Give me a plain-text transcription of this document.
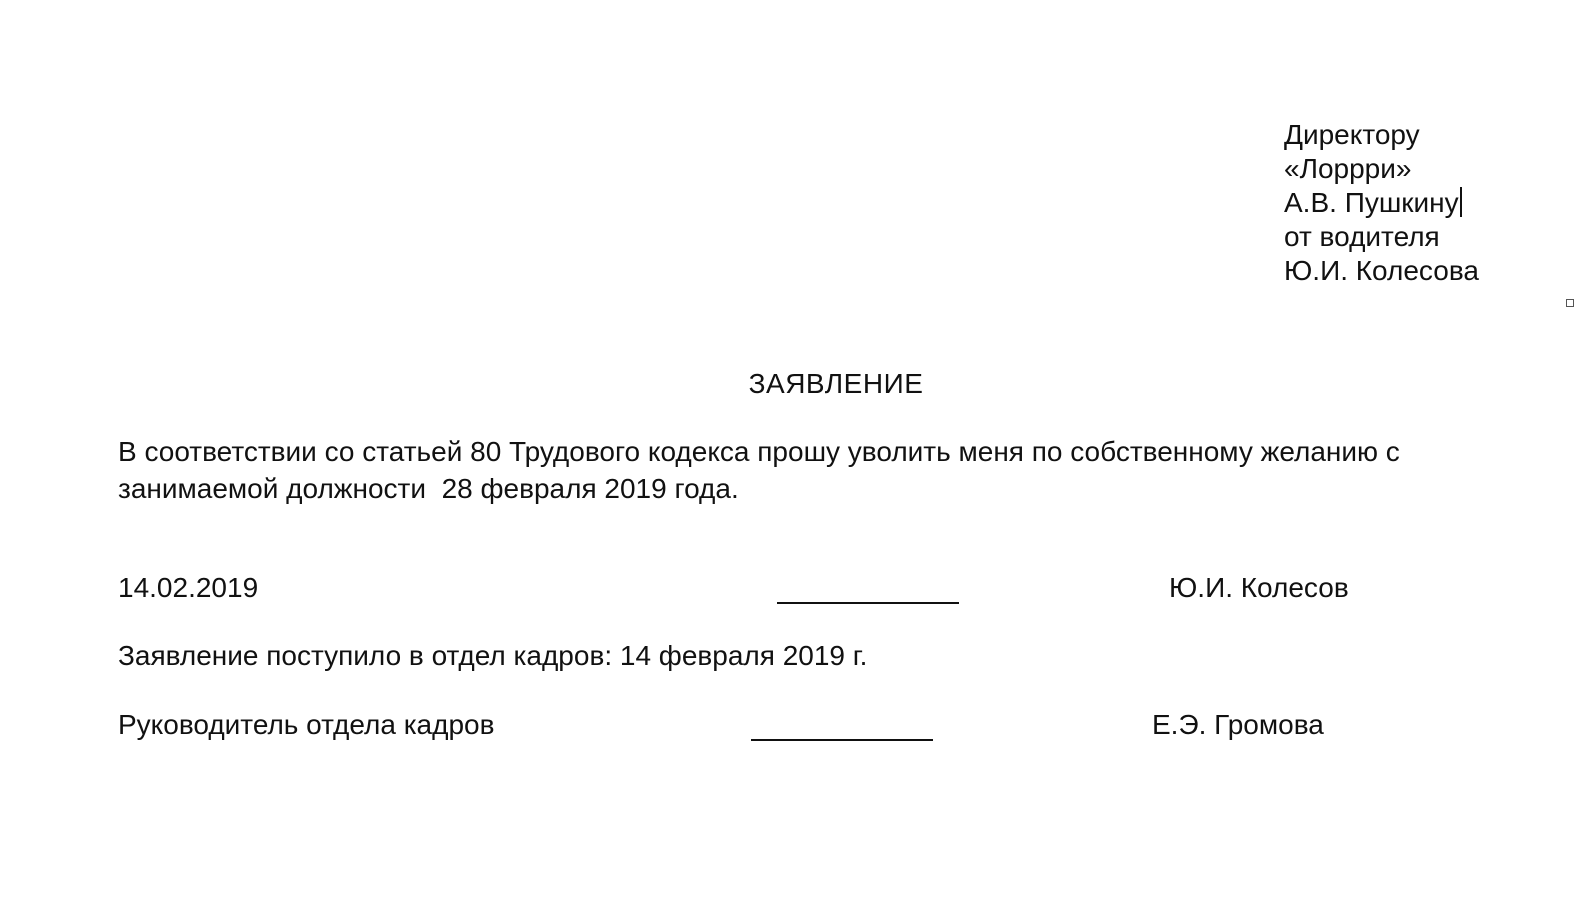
Директору
«Лоррри»
А.В. Пушкину
от водителя
Ю.И. Колесова
ЗАЯВЛЕНИЕ
В соответствии со статьей 80 Трудового кодекса прошу уволить меня по собственному желанию с занимаемой должности  28 февраля 2019 года.
14.02.2019	Ю.И. Колесов
Заявление поступило в отдел кадров: 14 февраля 2019 г.
Руководитель отдела кадров	Е.Э. Громова
